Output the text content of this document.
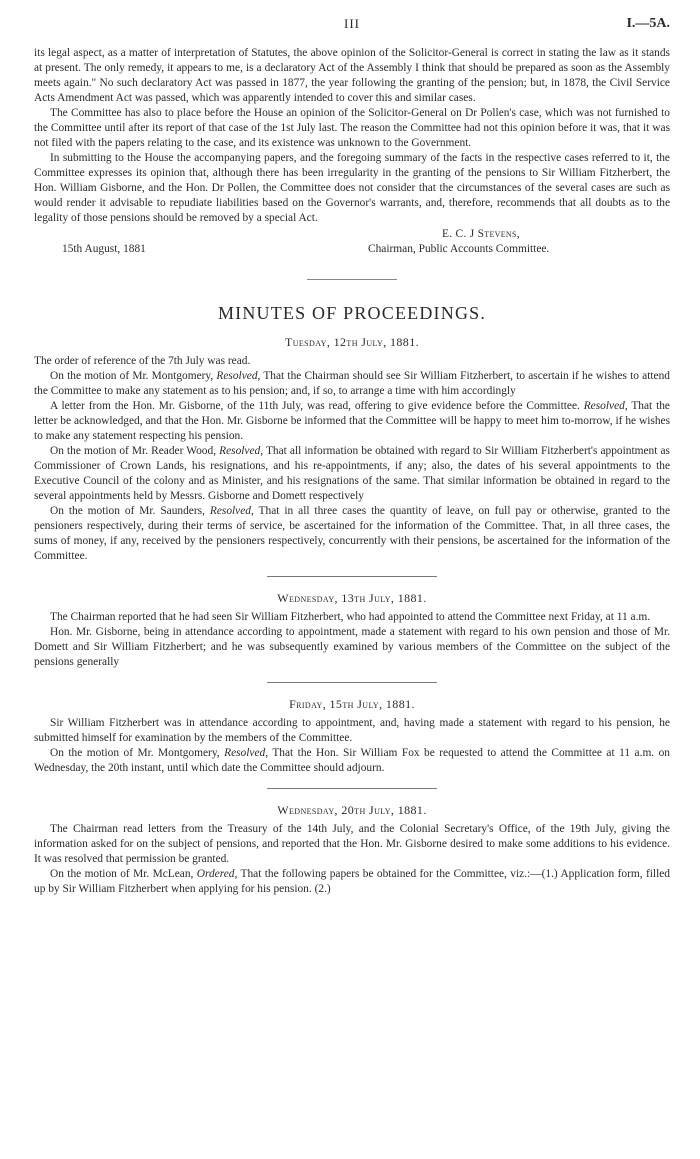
III	I.—5A.

its legal aspect, as a matter of interpretation of Statutes, the above opinion of the Solicitor-General is correct in stating the law as it stands at present. The only remedy, it appears to me, is a declaratory Act of the Assembly I think that should be prepared as soon as the Assembly meets again." No such declaratory Act was passed in 1877, the year following the granting of the pension; but, in 1878, the Civil Service Acts Amendment Act was passed, which was apparently intended to cover this and similar cases.

The Committee has also to place before the House an opinion of the Solicitor-General on Dr Pollen's case, which was not furnished to the Committee until after its report of that case of the 1st July last. The reason the Committee had not this opinion before it was, that it was not filed with the papers relating to the case, and its existence was unknown to the Government.

In submitting to the House the accompanying papers, and the foregoing summary of the facts in the respective cases referred to it, the Committee expresses its opinion that, although there has been irregularity in the granting of the pensions to Sir William Fitzherbert, the Hon. William Gisborne, and the Hon. Dr Pollen, the Committee does not consider that the circumstances of the several cases are such as would render it advisable to repudiate liabilities based on the Governor's warrants, and, therefore, recommends that all doubts as to the legality of those pensions should be removed by a special Act.

E. C. J Stevens,
15th August, 1881	Chairman, Public Accounts Committee.
MINUTES OF PROCEEDINGS.
Tuesday, 12th July, 1881.

The order of reference of the 7th July was read.

On the motion of Mr. Montgomery, Resolved, That the Chairman should see Sir William Fitzherbert, to ascertain if he wishes to attend the Committee to make any statement as to his pension; and, if so, to arrange a time with him accordingly

A letter from the Hon. Mr. Gisborne, of the 11th July, was read, offering to give evidence before the Committee. Resolved, That the letter be acknowledged, and that the Hon. Mr. Gisborne be informed that the Committee will be happy to meet him to-morrow, if he wishes to make any statement respecting his pension.

On the motion of Mr. Reader Wood, Resolved, That all information be obtained with regard to Sir William Fitzherbert's appointment as Commissioner of Crown Lands, his resignations, and his re-appointments, if any; also, the dates of his several appointments to the Executive Council of the colony and as Minister, and his resignations of the same. That similar information be obtained in regard to the several appointments held by Messrs. Gisborne and Domett respectively

On the motion of Mr. Saunders, Resolved, That in all three cases the quantity of leave, on full pay or otherwise, granted to the pensioners respectively, during their terms of service, be ascertained for the information of the Committee. That, in all three cases, the sums of money, if any, received by the pensioners respectively, concurrently with their pensions, be ascertained for the information of the Committee.

Wednesday, 13th July, 1881.

The Chairman reported that he had seen Sir William Fitzherbert, who had appointed to attend the Committee next Friday, at 11 a.m.

Hon. Mr. Gisborne, being in attendance according to appointment, made a statement with regard to his own pension and those of Mr. Domett and Sir William Fitzherbert; and he was subsequently examined by various members of the Committee on the subject of the pensions generally

Friday, 15th July, 1881.

Sir William Fitzherbert was in attendance according to appointment, and, having made a statement with regard to his pension, he submitted himself for examination by the members of the Committee.

On the motion of Mr. Montgomery, Resolved, That the Hon. Sir William Fox be requested to attend the Committee at 11 a.m. on Wednesday, the 20th instant, until which date the Committee should adjourn.

Wednesday, 20th July, 1881.

The Chairman read letters from the Treasury of the 14th July, and the Colonial Secretary's Office, of the 19th July, giving the information asked for on the subject of pensions, and reported that the Hon. Mr. Gisborne desired to make some additions to his evidence. It was resolved that permission be granted.

On the motion of Mr. McLean, Ordered, That the following papers be obtained for the Committee, viz.:—(1.) Application form, filled up by Sir William Fitzherbert when applying for his pension. (2.)
